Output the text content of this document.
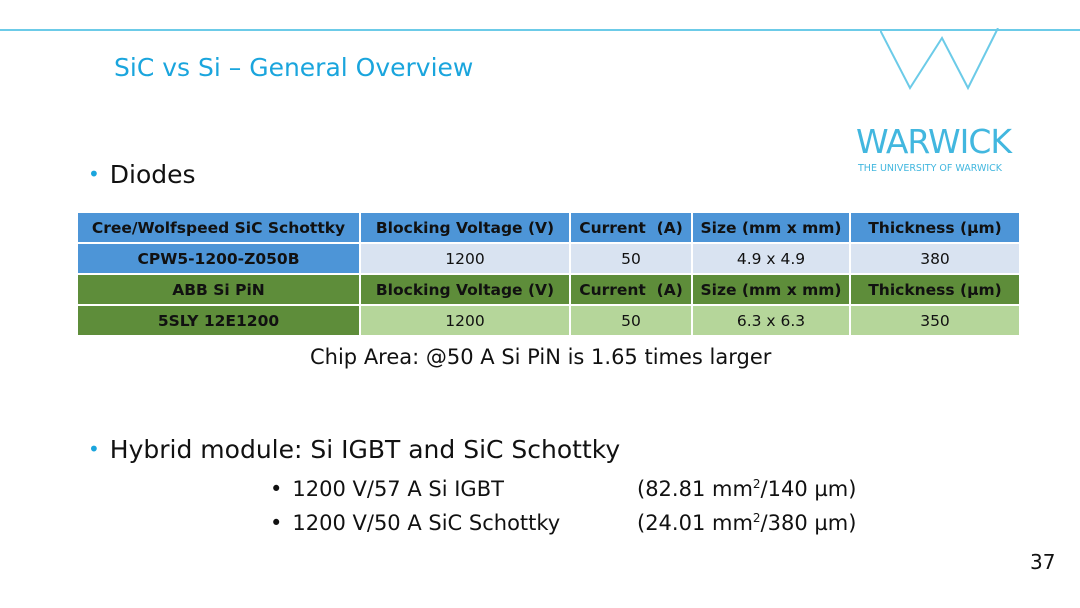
SiC vs Si – General Overview
WARWICK
THE UNIVERSITY OF WARWICK
• Diodes
Cree/Wolfspeed SiC Schottky	Blocking Voltage (V)	Current  (A)	Size (mm x mm)	Thickness (µm)
CPW5-1200-Z050B	1200	50	4.9 x 4.9	380
ABB Si PiN	Blocking Voltage (V)	Current  (A)	Size (mm x mm)	Thickness (µm)
5SLY 12E1200	1200	50	6.3 x 6.3	350
Chip Area: @50 A Si PiN is 1.65 times larger
• Hybrid module: Si IGBT and SiC Schottky
• 1200 V/57 A Si IGBT	(82.81 $mm^2/140$ µm)
• 1200 V/50 A SiC Schottky	(24.01 $mm^2/380$ µm)
37
